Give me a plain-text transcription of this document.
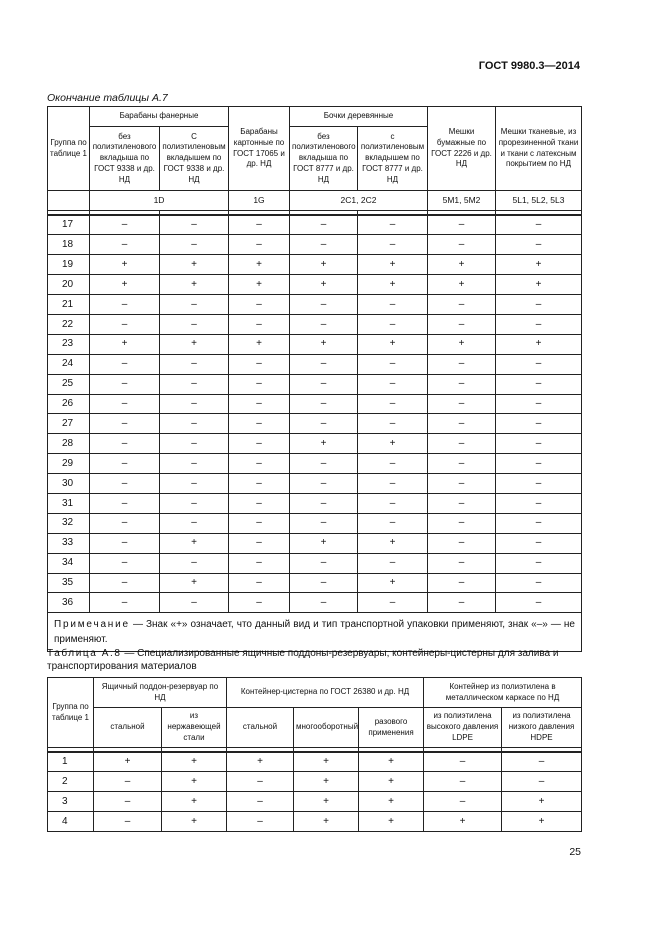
ГОСТ 9980.3—2014
Окончание таблицы А.7
Группа по таблице 1	Барабаны фанерные		Барабаны картонные по ГОСТ 17065 и др. НД	Бочки деревянные		Мешки бумажные по ГОСТ 2226 и др. НД	Мешки тканевые, из прорезиненной ткани и ткани с латексным покрытием по НД
	без полиэтиленового вкладыша по ГОСТ 9338 и др. НД	С полиэтиленовым вкладышем по ГОСТ 9338 и др. НД		без полиэтиленового вкладыша по ГОСТ 8777 и др. НД	с полиэтиленовым вкладышем по ГОСТ 8777 и др. НД		
	1D		1G	2C1, 2C2		5M1, 5M2	5L1, 5L2, 5L3

17	–	–	–	–	–	–	–
18	–	–	–	–	–	–	–
19	+	+	+	+	+	+	+
20	+	+	+	+	+	+	+
21	–	–	–	–	–	–	–
22	–	–	–	–	–	–	–
23	+	+	+	+	+	+	+
24	–	–	–	–	–	–	–
25	–	–	–	–	–	–	–
26	–	–	–	–	–	–	–
27	–	–	–	–	–	–	–
28	–	–	–	+	+	–	–
29	–	–	–	–	–	–	–
30	–	–	–	–	–	–	–
31	–	–	–	–	–	–	–
32	–	–	–	–	–	–	–
33	–	+	–	+	+	–	–
34	–	–	–	–	–	–	–
35	–	+	–	–	+	–	–
36	–	–	–	–	–	–	–
Примечание — Знак «+» означает, что данный вид и тип транспортной упаковки применяют, знак «–» — не применяют.							
Таблица А.8 — Специализированные ящичные поддоны-резервуары, контейнеры-цистерны для залива и транспортирования материалов
Группа по таблице 1	Ящичный поддон-резервуар по НД		Контейнер-цистерна по ГОСТ 26380 и др. НД			Контейнер из полиэтилена в металлическом каркасе по НД	
	стальной	из нержавеющей стали	стальной	многооборотный	разового применения	из полиэтилена высокого давления LDPE	из полиэтилена низкого давления HDPE

1	+	+	+	+	+	–	–
2	–	+	–	+	+	–	–
3	–	+	–	+	+	–	+
4	–	+	–	+	+	+	+
25
